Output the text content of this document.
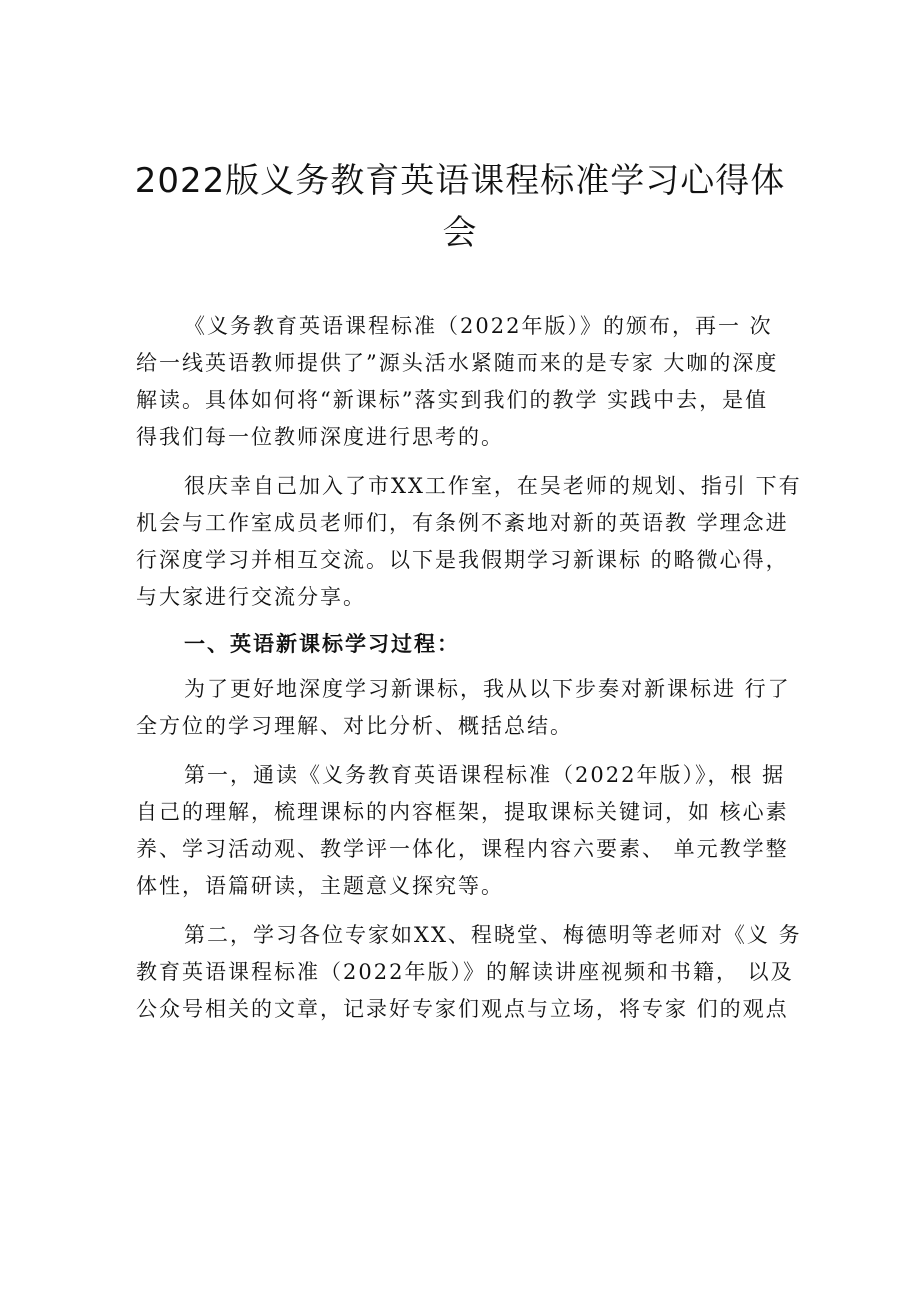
2022版义务教育英语课程标准学习心得体
会
《义务教育英语课程标准（2022年版）》的颁布，再一 次
给一线英语教师提供了”源头活水紧随而来的是专家 大咖的深度
解读。具体如何将“新课标”落实到我们的教学 实践中去，是值
得我们每一位教师深度进行思考的。
很庆幸自己加入了市XX工作室，在吴老师的规划、指引 下有
机会与工作室成员老师们，有条例不紊地对新的英语教 学理念进
行深度学习并相互交流。以下是我假期学习新课标 的略微心得，
与大家进行交流分享。
一、英语新课标学习过程：
为了更好地深度学习新课标，我从以下步奏对新课标进 行了
全方位的学习理解、对比分析、概括总结。
第一，通读《义务教育英语课程标准（2022年版）》，根 据
自己的理解，梳理课标的内容框架，提取课标关键词，如 核心素
养、学习活动观、教学评一体化，课程内容六要素、 单元教学整
体性，语篇研读，主题意义探究等。
第二，学习各位专家如XX、程晓堂、梅德明等老师对《义 务
教育英语课程标准（2022年版）》的解读讲座视频和书籍， 以及
公众号相关的文章，记录好专家们观点与立场，将专家 们的观点
